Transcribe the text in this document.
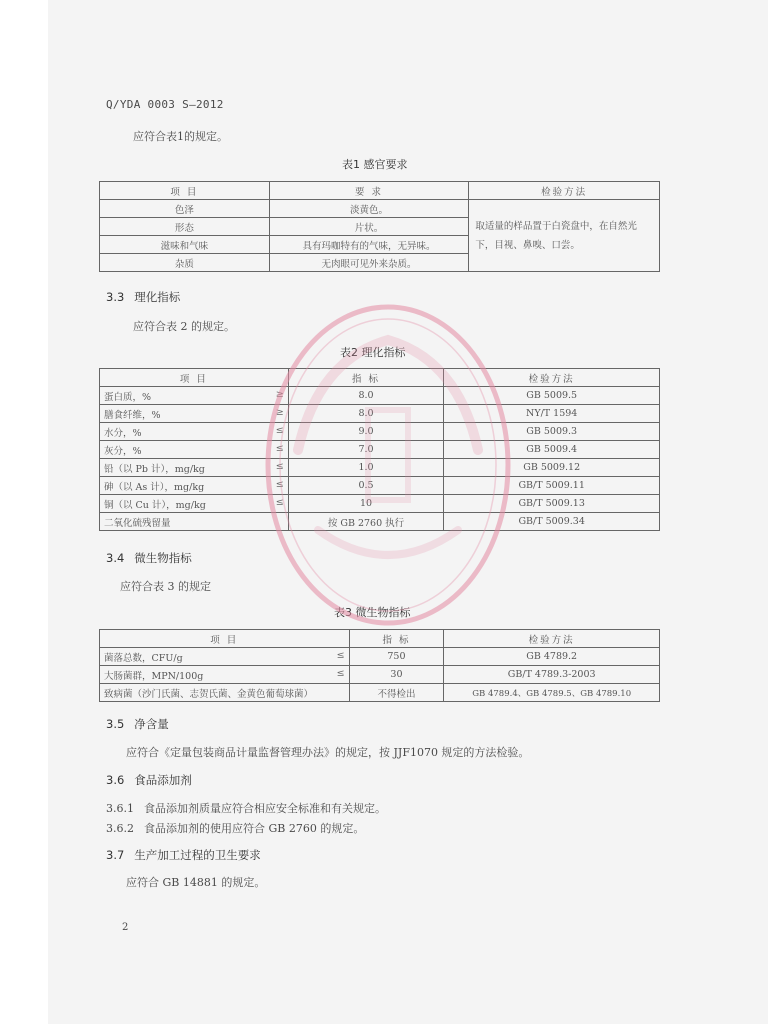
Q/YDA 0003 S—2012
应符合表1的规定。
表1 感官要求
项 目	要 求	检验方法
色泽	淡黄色。	取适量的样品置于白瓷盘中，在自然光下，目视、鼻嗅、口尝。
形态	片状。	
滋味和气味	具有玛咖特有的气味，无异味。	
杂质	无肉眼可见外来杂质。	
3.3 理化指标
应符合表 2 的规定。
表2 理化指标
项 目	指 标	检验方法
蛋白质，% ≥	8.0	GB 5009.5
膳食纤维，% ≥	8.0	NY/T 1594
水分，% ≤	9.0	GB 5009.3
灰分，% ≤	7.0	GB 5009.4
铅（以 Pb 计），mg/kg ≤	1.0	GB 5009.12
砷（以 As 计），mg/kg ≤	0.5	GB/T 5009.11
铜（以 Cu 计），mg/kg ≤	10	GB/T 5009.13
二氧化硫残留量	按 GB 2760 执行	GB/T 5009.34
3.4 微生物指标
应符合表 3 的规定
表3 微生物指标
项 目	指 标	检验方法
菌落总数，CFU/g ≤	750	GB 4789.2
大肠菌群，MPN/100g ≤	30	GB/T 4789.3-2003
致病菌（沙门氏菌、志贺氏菌、金黄色葡萄球菌）	不得检出	GB 4789.4、GB 4789.5、GB 4789.10
3.5 净含量
应符合《定量包装商品计量监督管理办法》的规定，按 JJF1070 规定的方法检验。
3.6 食品添加剂
3.6.1 食品添加剂质量应符合相应安全标准和有关规定。
3.6.2 食品添加剂的使用应符合 GB 2760 的规定。
3.7 生产加工过程的卫生要求
应符合 GB 14881 的规定。
2
